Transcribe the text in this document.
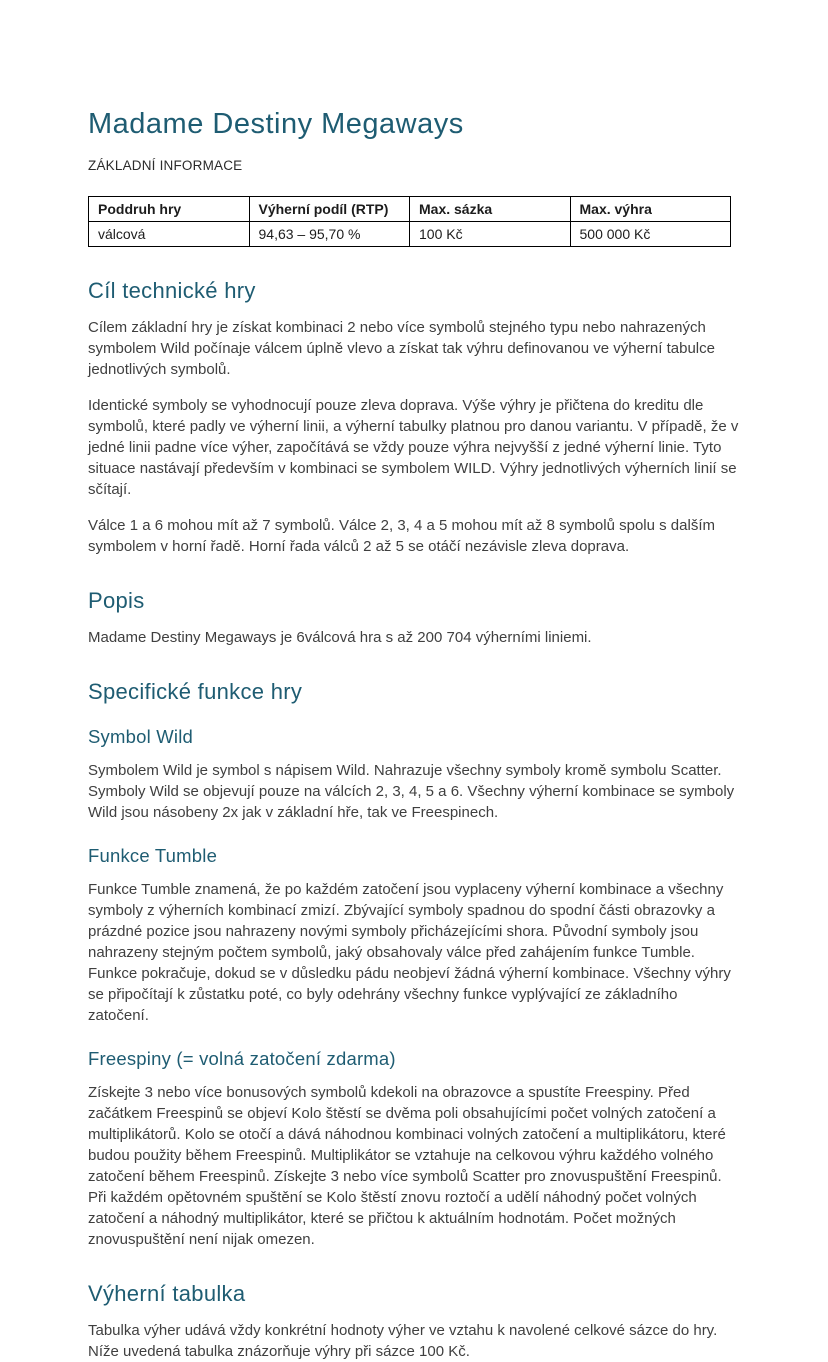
Madame Destiny Megaways
ZÁKLADNÍ INFORMACE
Poddruh hry	Výherní podíl (RTP)	Max. sázka	Max. výhra
válcová	94,63 – 95,70 %	100 Kč	500 000 Kč
Cíl technické hry

Cílem základní hry je získat kombinaci 2 nebo více symbolů stejného typu nebo nahrazených symbolem Wild počínaje válcem úplně vlevo a získat tak výhru definovanou ve výherní tabulce jednotlivých symbolů.

Identické symboly se vyhodnocují pouze zleva doprava. Výše výhry je přičtena do kreditu dle symbolů, které padly ve výherní linii, a výherní tabulky platnou pro danou variantu. V případě, že v jedné linii padne více výher, započítává se vždy pouze výhra nejvyšší z jedné výherní linie. Tyto situace nastávají především v kombinaci se symbolem WILD. Výhry jednotlivých výherních linií se sčítají.

Válce 1 a 6 mohou mít až 7 symbolů. Válce 2, 3, 4 a 5 mohou mít až 8 symbolů spolu s dalším symbolem v horní řadě. Horní řada válců 2 až 5 se otáčí nezávisle zleva doprava.

Popis

Madame Destiny Megaways je 6válcová hra s až 200 704 výherními liniemi.

Specifické funkce hry
Symbol Wild

Symbolem Wild je symbol s nápisem Wild. Nahrazuje všechny symboly kromě symbolu Scatter. Symboly Wild se objevují pouze na válcích 2, 3, 4, 5 a 6. Všechny výherní kombinace se symboly Wild jsou násobeny 2x jak v základní hře, tak ve Freespinech.

Funkce Tumble

Funkce Tumble znamená, že po každém zatočení jsou vyplaceny výherní kombinace a všechny symboly z výherních kombinací zmizí. Zbývající symboly spadnou do spodní části obrazovky a prázdné pozice jsou nahrazeny novými symboly přicházejícími shora. Původní symboly jsou nahrazeny stejným počtem symbolů, jaký obsahovaly válce před zahájením funkce Tumble. Funkce pokračuje, dokud se v důsledku pádu neobjeví žádná výherní kombinace. Všechny výhry se připočítají k zůstatku poté, co byly odehrány všechny funkce vyplývající ze základního zatočení.

Freespiny (= volná zatočení zdarma)

Získejte 3 nebo více bonusových symbolů kdekoli na obrazovce a spustíte Freespiny. Před začátkem Freespinů se objeví Kolo štěstí se dvěma poli obsahujícími počet volných zatočení a multiplikátorů. Kolo se otočí a dává náhodnou kombinaci volných zatočení a multiplikátoru, které budou použity během Freespinů. Multiplikátor se vztahuje na celkovou výhru každého volného zatočení během Freespinů. Získejte 3 nebo více symbolů Scatter pro znovuspuštění Freespinů. Při každém opětovném spuštění se Kolo štěstí znovu roztočí a udělí náhodný počet volných zatočení a náhodný multiplikátor, které se přičtou k aktuálním hodnotám. Počet možných znovuspuštění není nijak omezen.

Výherní tabulka

Tabulka výher udává vždy konkrétní hodnoty výher ve vztahu k navolené celkové sázce do hry. Níže uvedená tabulka znázorňuje výhry při sázce 100 Kč.
